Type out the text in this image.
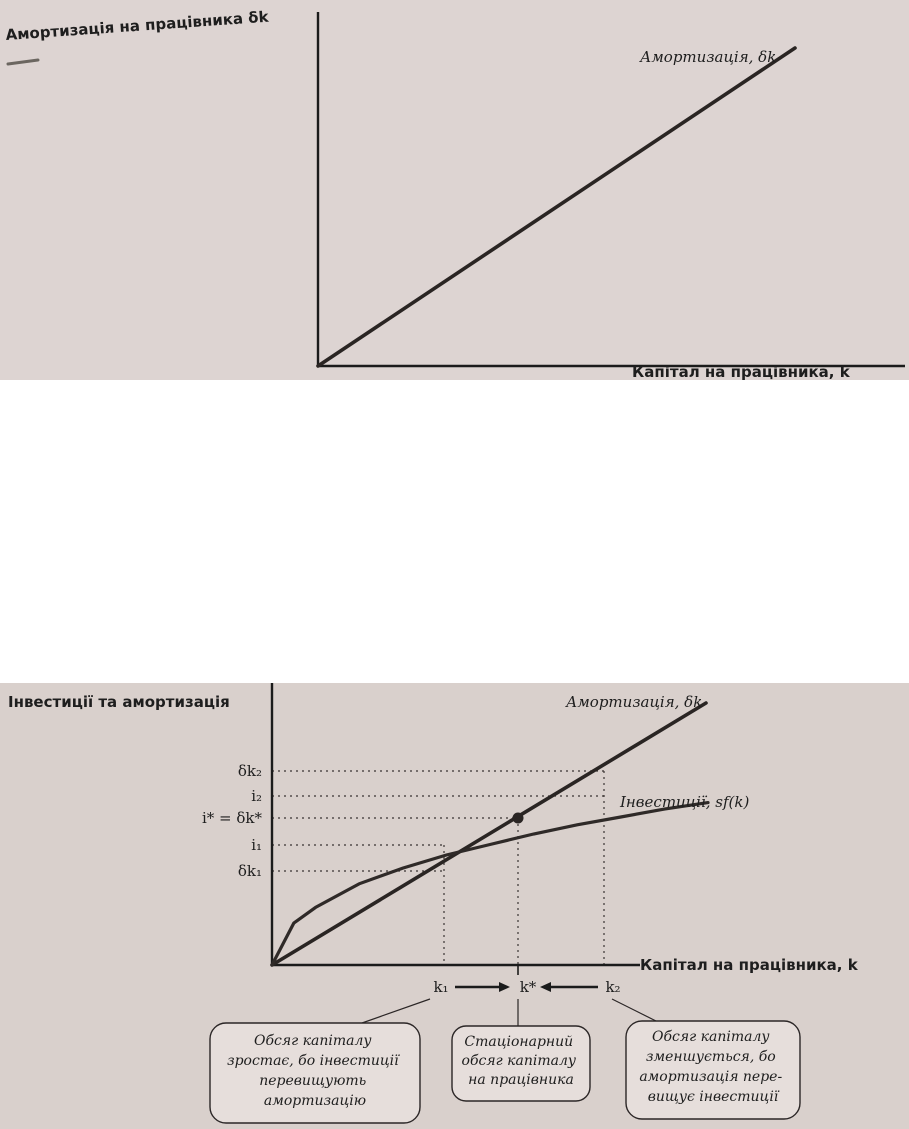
Амортизація на працівника δk
Амортизація, δk
Капітал на працівника, k
Інвестиції та амортизація	Амортизація, δk
Інвестиції, sf(k)
Капітал на працівника, k
δk₂
i₂
i* = δk*
i₁
δk₁
k₁	k*	k₂
Обсяг капіталу зростає, бо інвестиції перевищують амортизацію
Стаціонарний обсяг капіталу на працівника
Обсяг капіталу зменшується, бо амортизація пере- вищує інвестиції
